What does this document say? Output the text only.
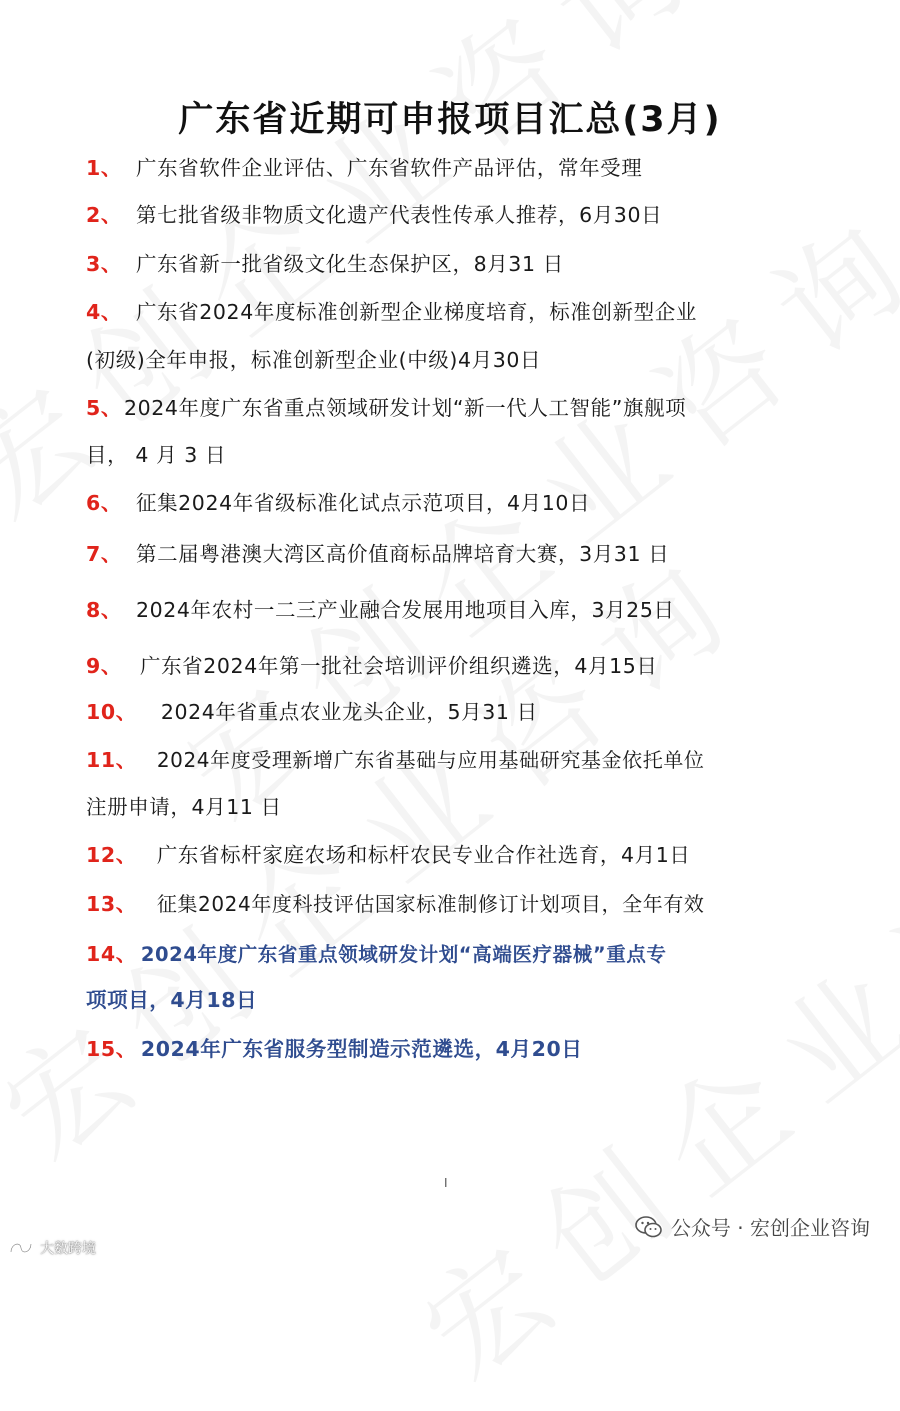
广东省近期可申报项目汇总(3月)
1、 广东省软件企业评估、广东省软件产品评估，常年受理
2、 第七批省级非物质文化遗产代表性传承人推荐，6月30日
3、 广东省新一批省级文化生态保护区，8月31 日
4、 广东省2024年度标准创新型企业梯度培育，标准创新型企业
(初级)全年申报，标准创新型企业(中级)4月30日
5、2024年度广东省重点领域研发计划“新一代人工智能”旗舰项
目， 4 月 3 日
6、 征集2024年省级标准化试点示范项目，4月10日
7、 第二届粤港澳大湾区高价值商标品牌培育大赛，3月31 日
8、 2024年农村一二三产业融合发展用地项目入库，3月25日
9、 广东省2024年第一批社会培训评价组织遴选，4月15日
10、 2024年省重点农业龙头企业，5月31 日
11、 2024年度受理新增广东省基础与应用基础研究基金依托单位
注册申请，4月11 日
12、 广东省标杆家庭农场和标杆农民专业合作社选育，4月1日
13、 征集2024年度科技评估国家标准制修订计划项目，全年有效
14、 2024年度广东省重点领域研发计划“高端医疗器械”重点专
项项目，4月18日
15、 2024年广东省服务型制造示范遴选，4月20日
I
公众号 · 宏创企业咨询
大数跨境
